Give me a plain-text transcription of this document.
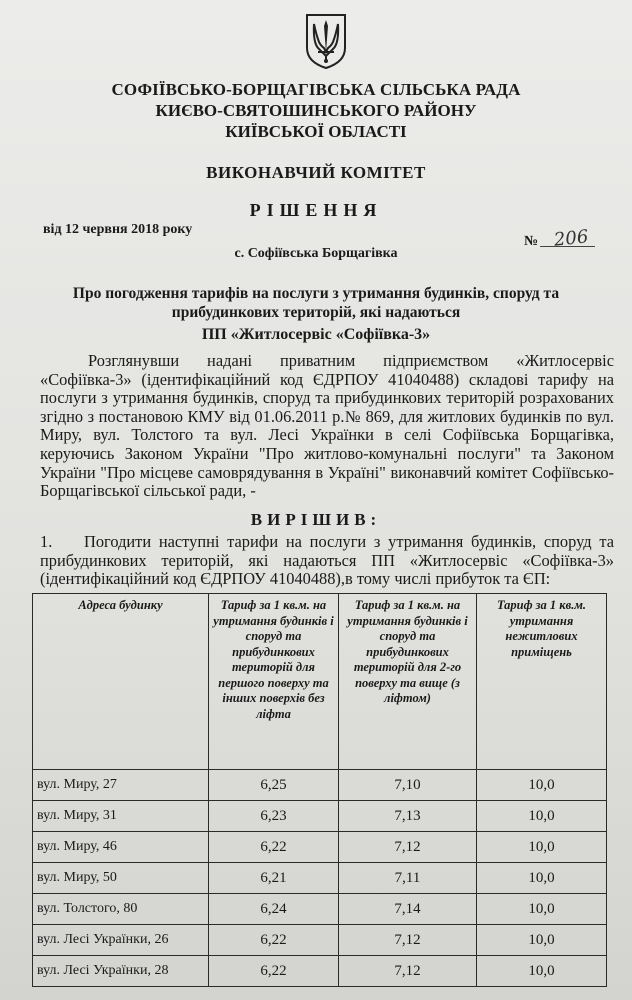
СОФІЇВСЬКО-БОРЩАГІВСЬКА СІЛЬСЬКА РАДА
КИЄВО-СВЯТОШИНСЬКОГО РАЙОНУ
КИЇВСЬКОЇ ОБЛАСТІ
ВИКОНАВЧИЙ КОМІТЕТ
РІШЕННЯ
від 12 червня 2018 року
№ 206
с. Софіївська Борщагівка
Про погодження тарифів на послуги з утримання будинків, споруд та
прибудинкових територій, які надаються
ПП «Житлосервіс «Софіївка-3»
Розглянувши надані приватним підприємством «Житлосервіс «Софіївка-3» (ідентифікаційний код ЄДРПОУ 41040488) складові тарифу на послуги з утримання будинків, споруд та прибудинкових територій розрахованих згідно з постановою КМУ від 01.06.2011 р.№ 869, для житлових будинків по вул. Миру, вул. Толстого та вул. Лесі Українки в селі Софіївська Борщагівка, керуючись Законом України "Про житлово-комунальні послуги" та Законом України "Про місцеве самоврядування в Україні" виконавчий комітет Софіївсько-Борщагівської сільської ради, -
ВИРІШИВ:
1. Погодити наступні тарифи на послуги з утримання будинків, споруд та прибудинкових територій, які надаються ПП «Житлосервіс «Софіївка-3» (ідентифікаційний код ЄДРПОУ 41040488),в тому числі прибуток та ЄП:
Адреса будинку	Тариф за 1 кв.м. на утримання будинків і споруд та прибудинкових територій для першого поверху та інших поверхів без ліфта	Тариф за 1 кв.м. на утримання будинків і споруд та прибудинкових територій для 2-го поверху та вище (з ліфтом)	Тариф за 1 кв.м. утримання нежитлових приміщень
вул. Миру, 27	6,25	7,10	10,0
вул. Миру, 31	6,23	7,13	10,0
вул. Миру, 46	6,22	7,12	10,0
вул. Миру, 50	6,21	7,11	10,0
вул. Толстого, 80	6,24	7,14	10,0
вул. Лесі Українки, 26	6,22	7,12	10,0
вул. Лесі Українки, 28	6,22	7,12	10,0
